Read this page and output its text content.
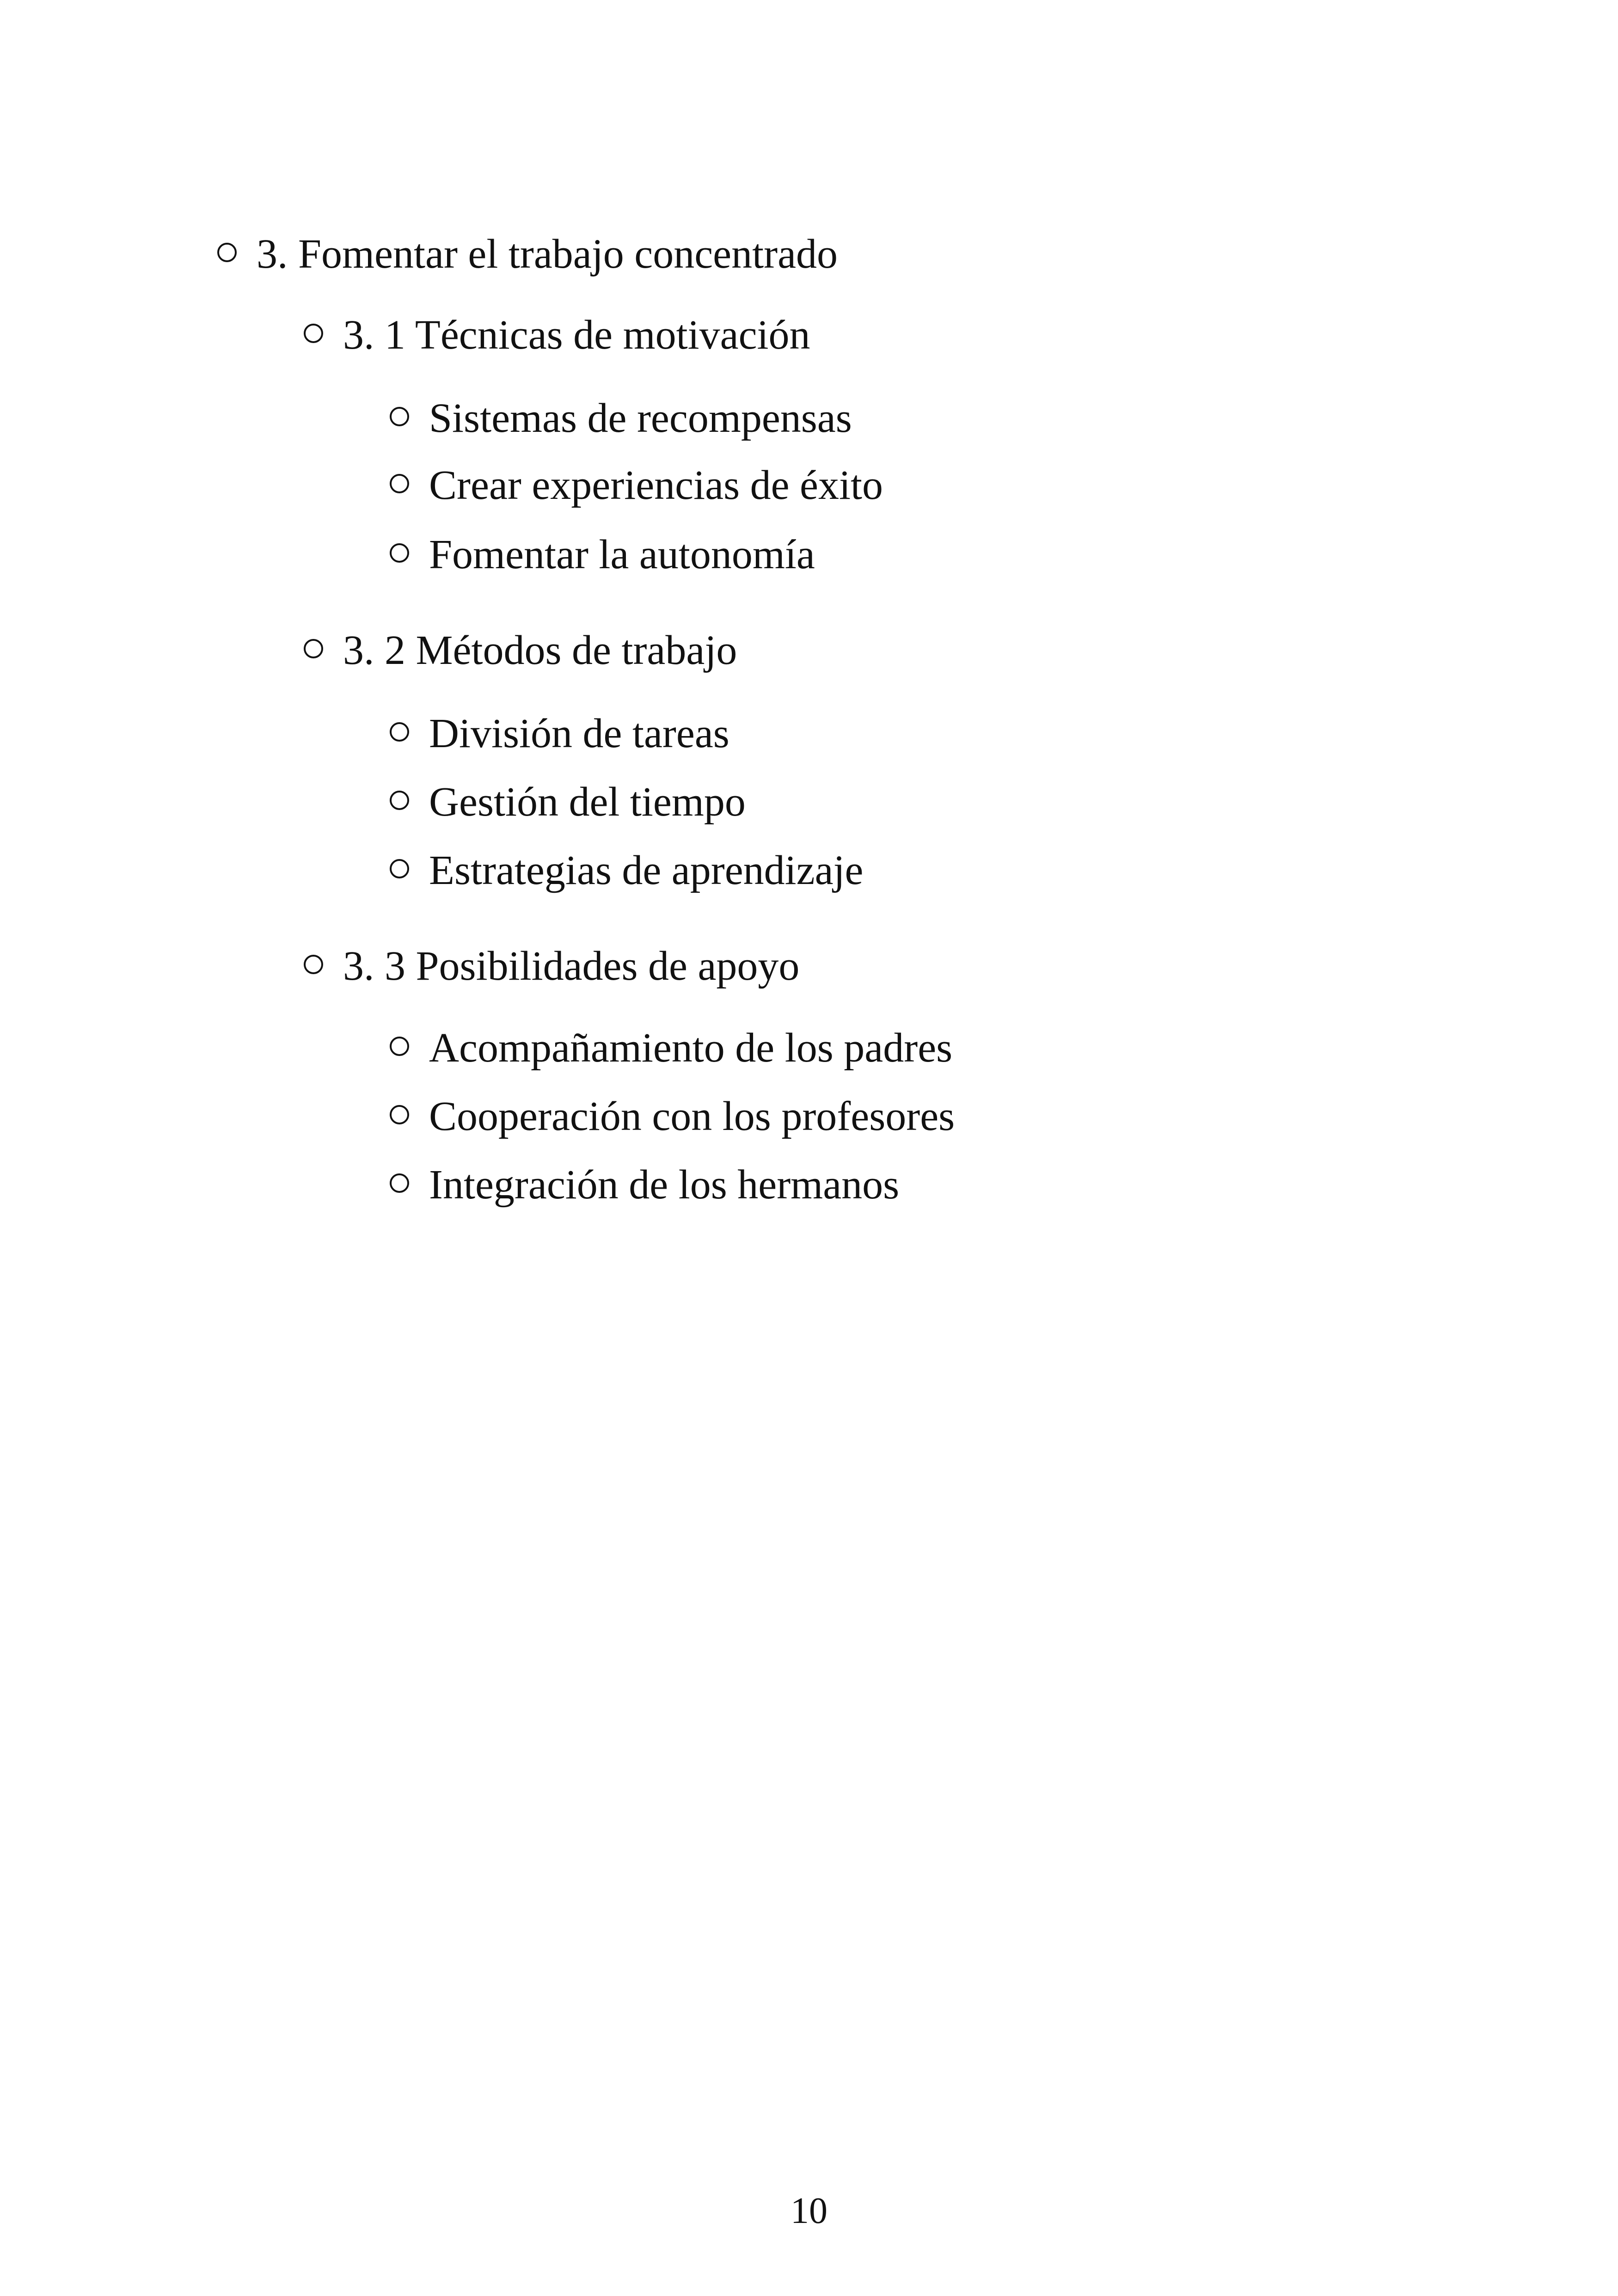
3. Fomentar el trabajo concentrado
3. 1 Técnicas de motivación
Sistemas de recompensas
Crear experiencias de éxito
Fomentar la autonomía
3. 2 Métodos de trabajo
División de tareas
Gestión del tiempo
Estrategias de aprendizaje
3. 3 Posibilidades de apoyo
Acompañamiento de los padres
Cooperación con los profesores
Integración de los hermanos
10
